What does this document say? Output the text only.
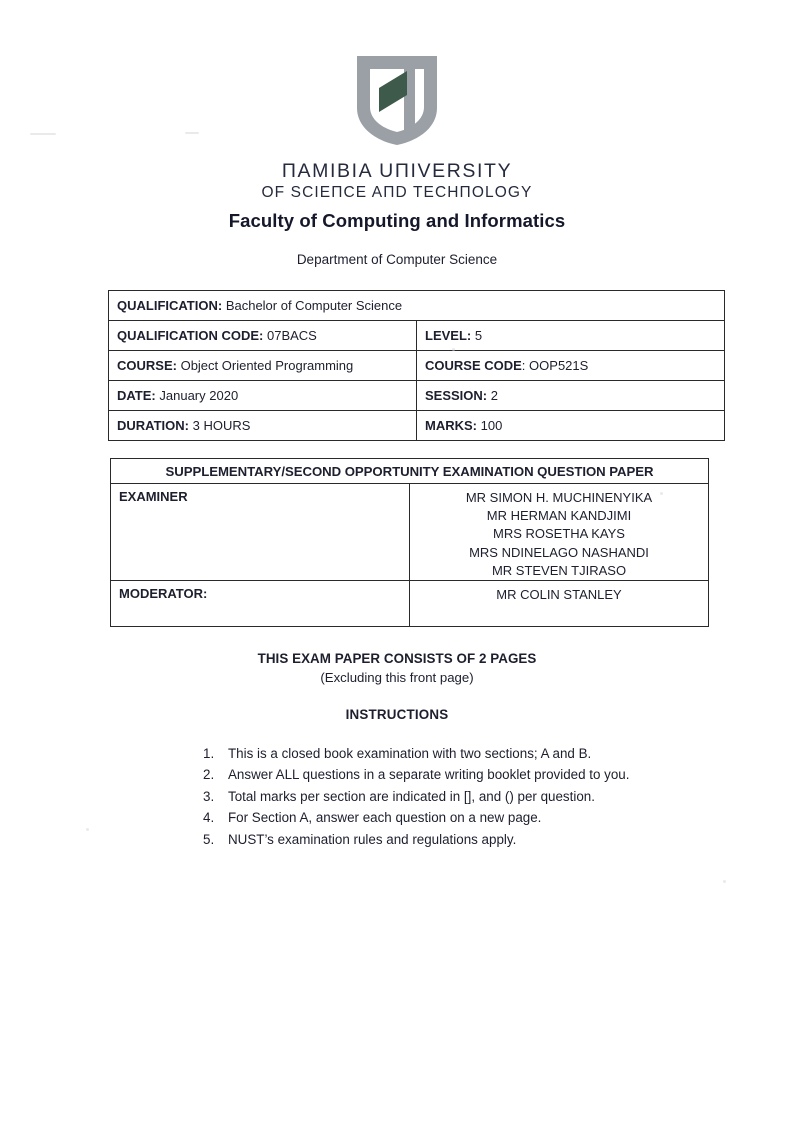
ΠAMIBIA UΠIVERSITY
OF SCIEΠCE AΠD TECHΠOLOGY
Faculty of Computing and Informatics
Department of Computer Science
QUALIFICATION: Bachelor of Computer Science	
QUALIFICATION CODE: 07BACS	LEVEL: 5
COURSE: Object Oriented Programming	COURSE CODE: OOP521S
DATE: January 2020	SESSION: 2
DURATION: 3 HOURS	MARKS: 100
SUPPLEMENTARY/SECOND OPPORTUNITY EXAMINATION QUESTION PAPER	
EXAMINER	MR SIMON H. MUCHINENYIKA
MR HERMAN KANDJIMI
MRS ROSETHA KAYS
MRS NDINELAGO NASHANDI
MR STEVEN TJIRASO

MODERATOR:	MR COLIN STANLEY
THIS EXAM PAPER CONSISTS OF 2 PAGES
(Excluding this front page)
INSTRUCTIONS
1.	This is a closed book examination with two sections; A and B.
2.	Answer ALL questions in a separate writing booklet provided to you.
3.	Total marks per section are indicated in [], and () per question.
4.	For Section A, answer each question on a new page.
5.	NUST’s examination rules and regulations apply.
